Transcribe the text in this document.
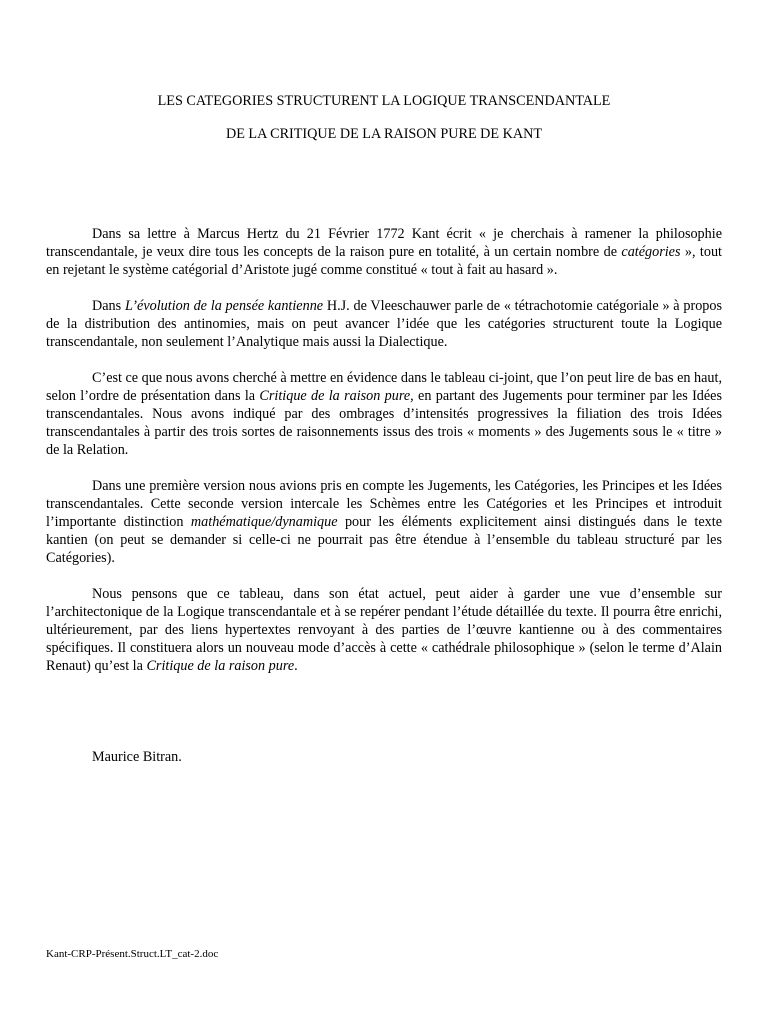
LES CATEGORIES STRUCTURENT LA LOGIQUE TRANSCENDANTALE
DE LA CRITIQUE DE LA RAISON PURE DE KANT

Dans sa lettre à Marcus Hertz du 21 Février 1772 Kant écrit « je cherchais à ramener la philosophie transcendantale, je veux dire tous les concepts de la raison pure en totalité, à un certain nombre de catégories », tout en rejetant le système catégorial d’Aristote jugé comme constitué « tout à fait au hasard ».

Dans L’évolution de la pensée kantienne H.J. de Vleeschauwer parle de « tétrachotomie catégoriale » à propos de la distribution des antinomies, mais on peut avancer l’idée que les catégories structurent toute la Logique transcendantale, non seulement l’Analytique mais aussi la Dialectique.

C’est ce que nous avons cherché à mettre en évidence dans le tableau ci-joint, que l’on peut lire de bas en haut, selon l’ordre de présentation dans la Critique de la raison pure, en partant des Jugements pour terminer par les Idées transcendantales. Nous avons indiqué par des ombrages d’intensités progressives la filiation des trois Idées transcendantales à partir des trois sortes de raisonnements issus des trois « moments » des Jugements sous le « titre » de la Relation.

Dans une première version nous avions pris en compte les Jugements, les Catégories, les Principes et les Idées transcendantales. Cette seconde version intercale les Schèmes entre les Catégories et les Principes et introduit l’importante distinction mathématique/dynamique pour les éléments explicitement ainsi distingués dans le texte kantien (on peut se demander si celle-ci ne pourrait pas être étendue à l’ensemble du tableau structuré par les Catégories).

Nous pensons que ce tableau, dans son état actuel, peut aider à garder une vue d’ensemble sur l’architectonique de la Logique transcendantale et à se repérer pendant l’étude détaillée du texte. Il pourra être enrichi, ultérieurement, par des liens hypertextes renvoyant à des parties de l’œuvre kantienne ou à des commentaires spécifiques. Il constituera alors un nouveau mode d’accès à cette « cathédrale philosophique » (selon le terme d’Alain Renaut) qu’est la Critique de la raison pure.

Maurice Bitran.

Kant-CRP-Présent.Struct.LT_cat-2.doc
